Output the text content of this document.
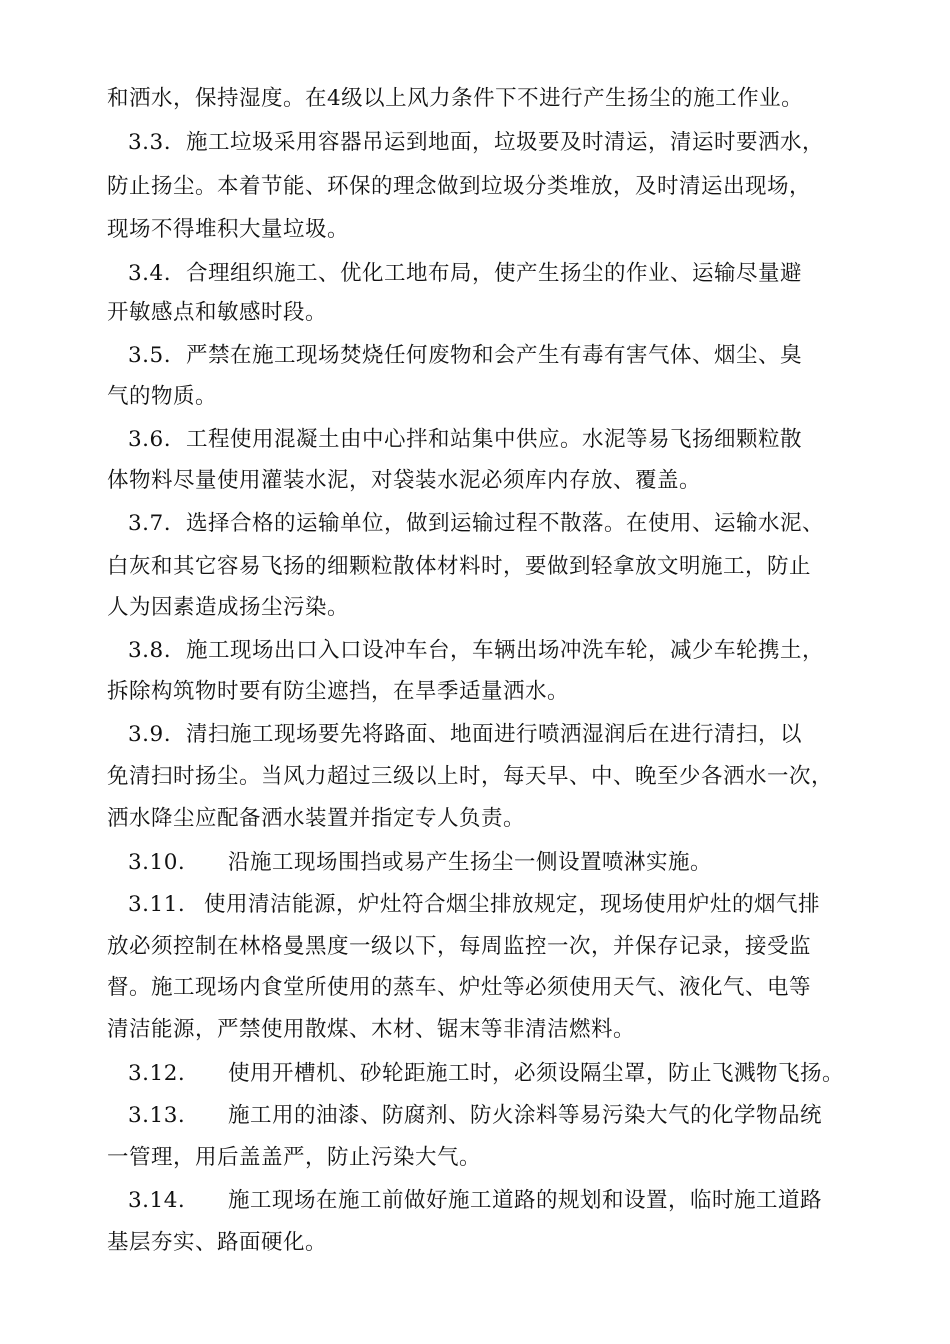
和洒水，保持湿度。在4级以上风力条件下不进行产生扬尘的施工作业。
3.3. 施工垃圾采用容器吊运到地面，垃圾要及时清运，清运时要洒水，
防止扬尘。本着节能、环保的理念做到垃圾分类堆放，及时清运出现场，
现场不得堆积大量垃圾。
3.4. 合理组织施工、优化工地布局，使产生扬尘的作业、运输尽量避
开敏感点和敏感时段。
3.5. 严禁在施工现场焚烧任何废物和会产生有毒有害气体、烟尘、臭
气的物质。
3.6. 工程使用混凝土由中心拌和站集中供应。水泥等易飞扬细颗粒散
体物料尽量使用灌装水泥，对袋装水泥必须库内存放、覆盖。
3.7. 选择合格的运输单位，做到运输过程不散落。在使用、运输水泥、
白灰和其它容易飞扬的细颗粒散体材料时，要做到轻拿放文明施工，防止
人为因素造成扬尘污染。
3.8. 施工现场出口入口设冲车台，车辆出场冲洗车轮，减少车轮携土，
拆除构筑物时要有防尘遮挡，在旱季适量洒水。
3.9. 清扫施工现场要先将路面、地面进行喷洒湿润后在进行清扫，以
免清扫时扬尘。当风力超过三级以上时，每天早、中、晚至少各洒水一次，
洒水降尘应配备洒水装置并指定专人负责。
3.10. 沿施工现场围挡或易产生扬尘一侧设置喷淋实施。
3.11. 使用清洁能源，炉灶符合烟尘排放规定，现场使用炉灶的烟气排
放必须控制在林格曼黑度一级以下，每周监控一次，并保存记录，接受监
督。施工现场内食堂所使用的蒸车、炉灶等必须使用天气、液化气、电等
清洁能源，严禁使用散煤、木材、锯末等非清洁燃料。
3.12. 使用开槽机、砂轮距施工时，必须设隔尘罩，防止飞溅物飞扬。
3.13. 施工用的油漆、防腐剂、防火涂料等易污染大气的化学物品统
一管理，用后盖盖严，防止污染大气。
3.14. 施工现场在施工前做好施工道路的规划和设置，临时施工道路
基层夯实、路面硬化。
